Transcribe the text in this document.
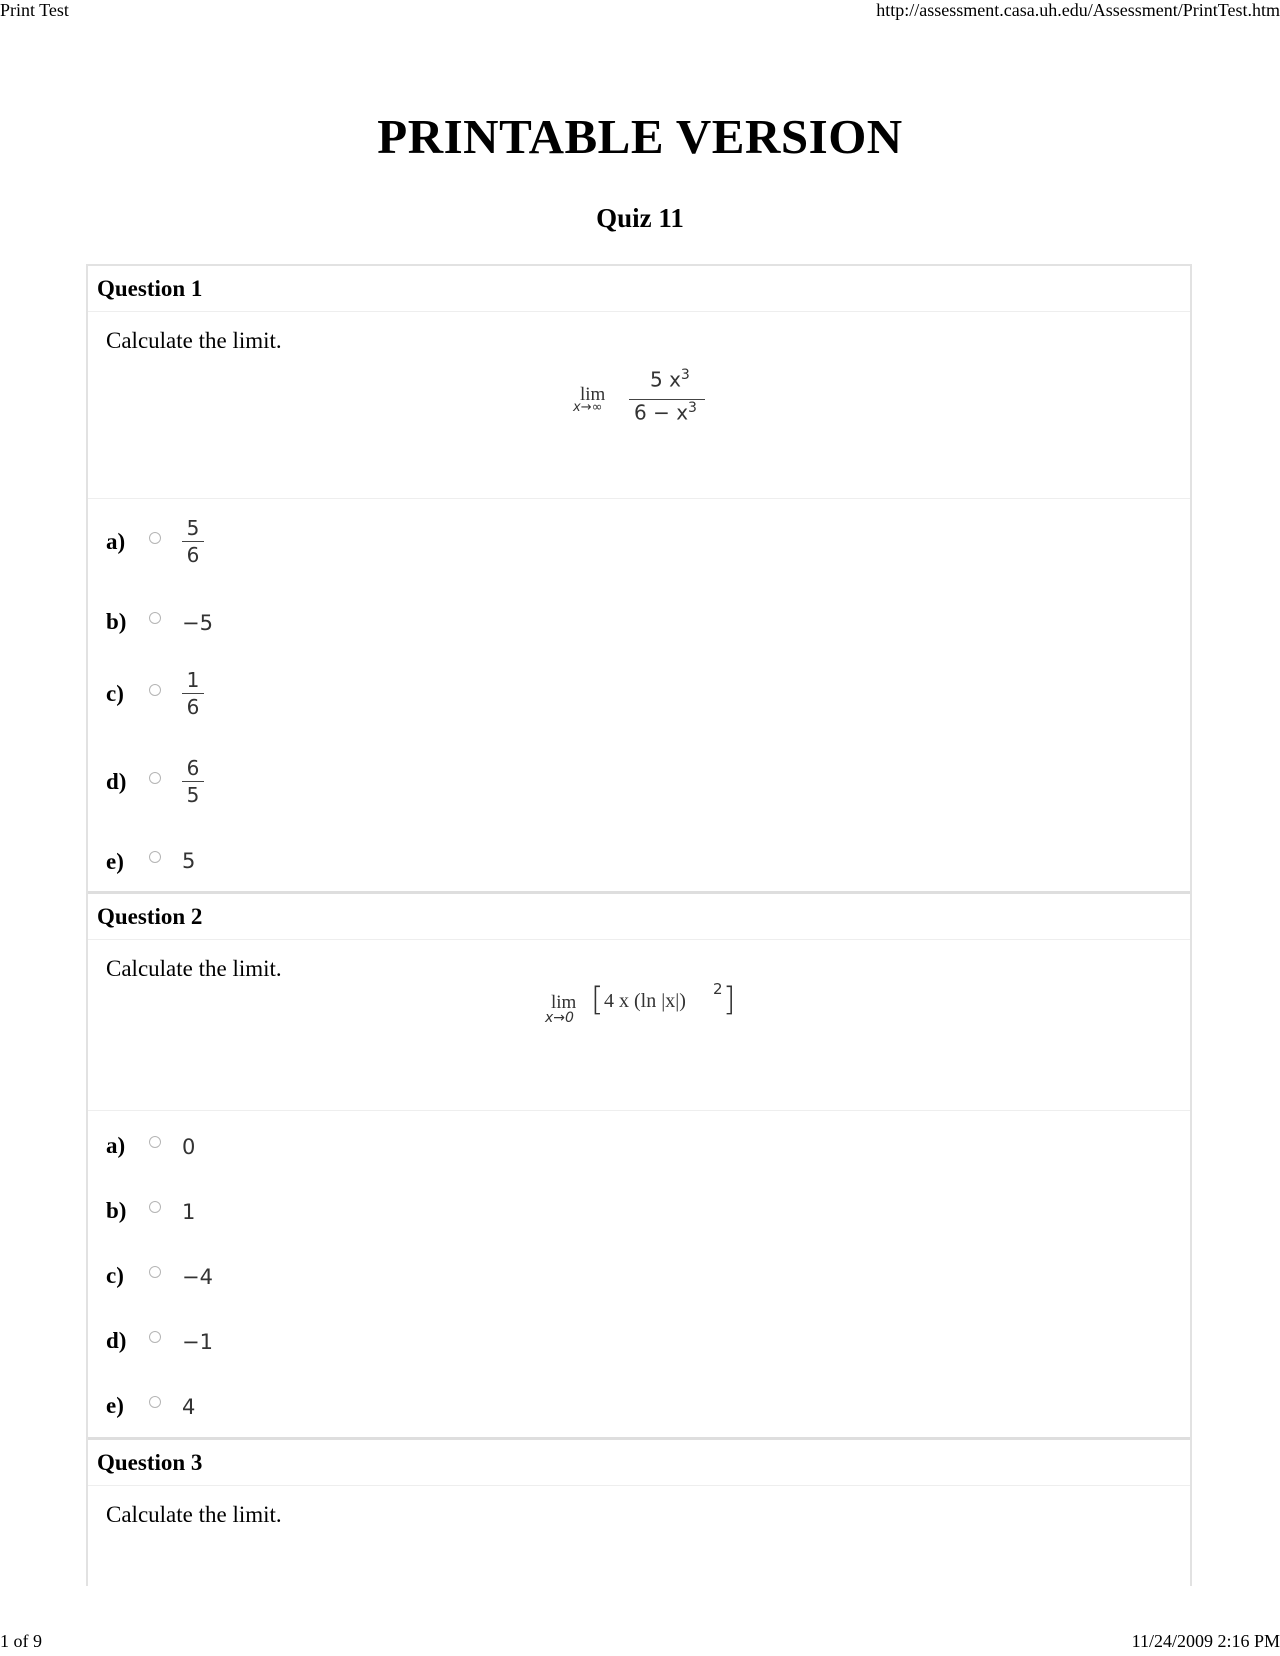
Print Test	http://assessment.casa.uh.edu/Assessment/PrintTest.htm
PRINTABLE VERSION
Quiz 11
Question 1
Calculate the limit.
lim
x→∞
5 $x^3$
$6 - x^3$
a)	$\frac{5}{6}$
b)	−5
c)	$\frac{1}{6}$
d)	$\frac{6}{5}$
e)	5
Question 2
Calculate the limit.
lim
x→0 [ 4 x (ln |x|)
2 ]
a)	0
b)	1
c)	−4
d)	−1
e)	4
Question 3
Calculate the limit.
1 of 9	11/24/2009 2:16 PM
